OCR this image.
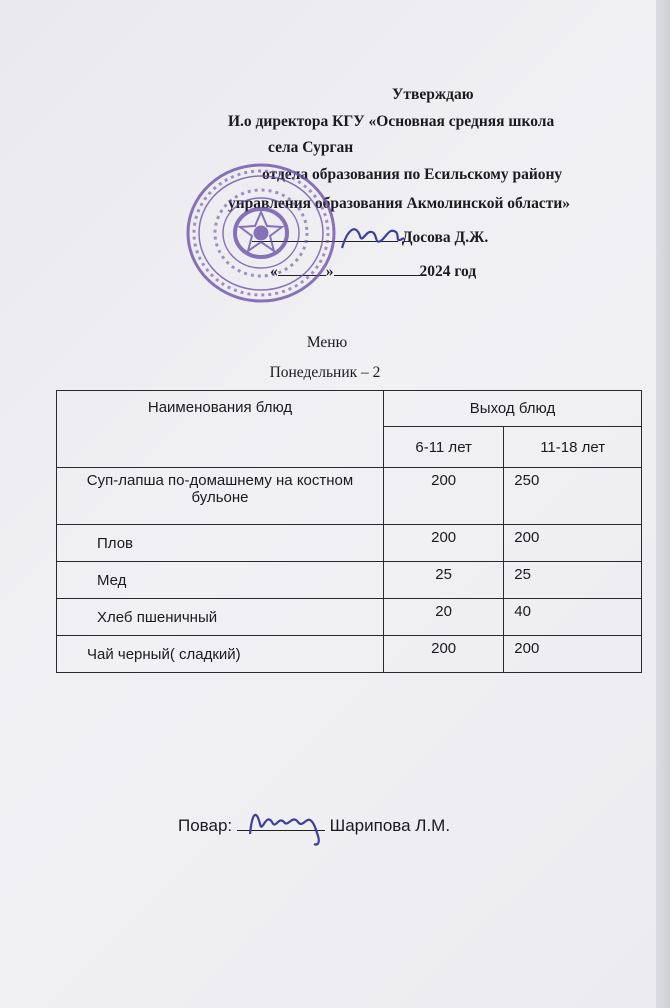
Утверждаю
И.о директора КГУ «Основная средняя школа
села Сурган
отдела образования по Есильскому району
управления образования Акмолинской области»
Досова Д.Ж.
«	»	2024 год
Меню
Понедельник – 2
Наименования блюд	Выход блюд	
	6-11 лет	11-18 лет
Суп-лапша по-домашнему на костном бульоне	200	250
Плов	200	200
Мед	25	25
Хлеб пшеничный	20	40
Чай черный( сладкий)	200	200
Повар:	Шарипова Л.М.
